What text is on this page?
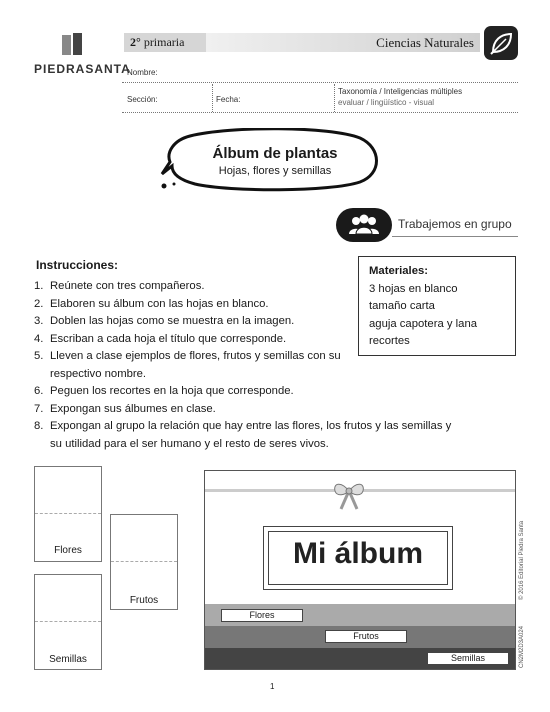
PIEDRASANTA
2° primaria	Ciencias Naturales
Nombre:
Sección:	Fecha:
Taxonomía / Inteligencias múltiples
evaluar / lingüístico - visual
Álbum de plantas
Hojas, flores y semillas
Trabajemos en grupo
Instrucciones:
1. Reúnete con tres compañeros.
2. Elaboren su álbum con las hojas en blanco.
3. Doblen las hojas como se muestra en la imagen.
4. Escriban a cada hoja el título que corresponde.
5. Lleven a clase ejemplos de flores, frutos y semillas con su respectivo nombre.
6. Peguen los recortes en la hoja que corresponde.
7. Expongan sus álbumes en clase.
8. Expongan al grupo la relación que hay entre las flores, los frutos y las semillas y su utilidad para el ser humano y el resto de seres vivos.
Materiales:
3 hojas en blanco
tamaño carta
aguja capotera y lana
recortes
Flores
Frutos
Semillas
Mi álbum
Flores
Frutos
Semillas
© 2016 Editorial Piedra Santa
CN2M2D3A024
1
